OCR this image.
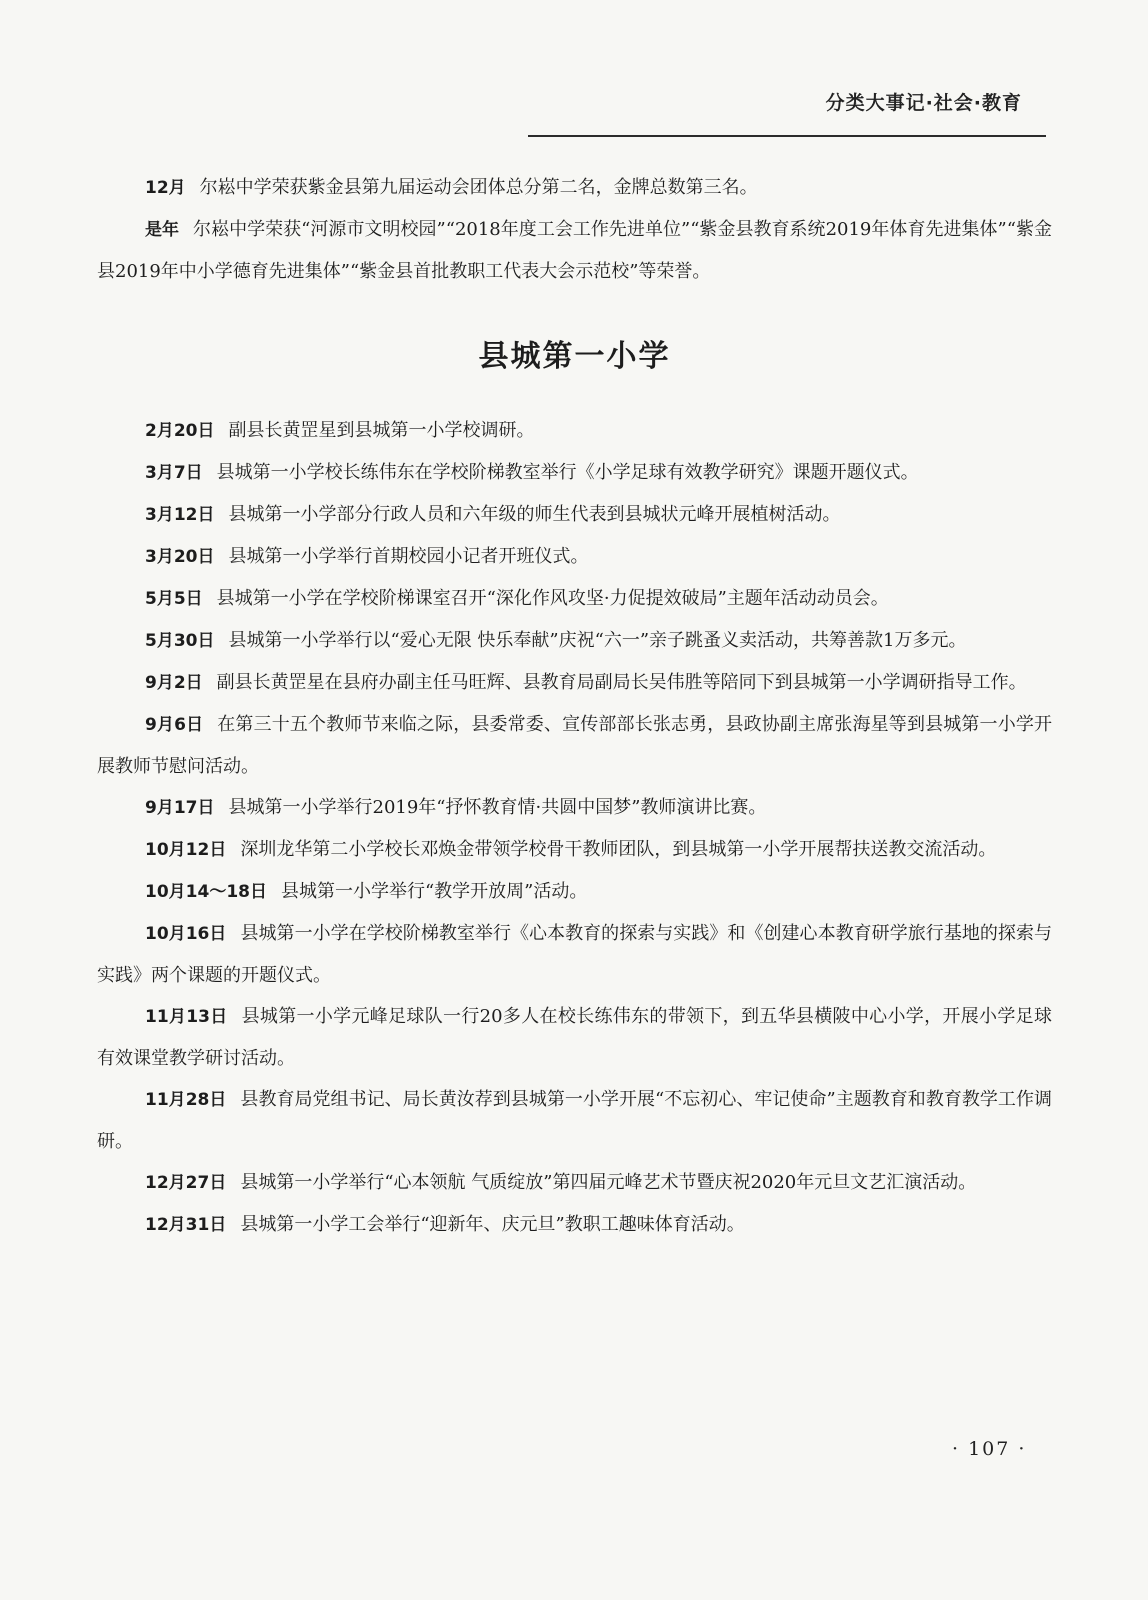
分类大事记·社会·教育

12月 尔崧中学荣获紫金县第九届运动会团体总分第二名，金牌总数第三名。

是年 尔崧中学荣获“河源市文明校园”“2018年度工会工作先进单位”“紫金县教育系统2019年体育先进集体”“紫金县2019年中小学德育先进集体”“紫金县首批教职工代表大会示范校”等荣誉。

县城第一小学

2月20日 副县长黄罡星到县城第一小学校调研。

3月7日 县城第一小学校长练伟东在学校阶梯教室举行《小学足球有效教学研究》课题开题仪式。

3月12日 县城第一小学部分行政人员和六年级的师生代表到县城状元峰开展植树活动。

3月20日 县城第一小学举行首期校园小记者开班仪式。

5月5日 县城第一小学在学校阶梯课室召开“深化作风攻坚·力促提效破局”主题年活动动员会。

5月30日 县城第一小学举行以“爱心无限 快乐奉献”庆祝“六一”亲子跳蚤义卖活动，共筹善款1万多元。

9月2日 副县长黄罡星在县府办副主任马旺辉、县教育局副局长吴伟胜等陪同下到县城第一小学调研指导工作。

9月6日 在第三十五个教师节来临之际，县委常委、宣传部部长张志勇，县政协副主席张海星等到县城第一小学开展教师节慰问活动。

9月17日 县城第一小学举行2019年“抒怀教育情·共圆中国梦”教师演讲比赛。

10月12日 深圳龙华第二小学校长邓焕金带领学校骨干教师团队，到县城第一小学开展帮扶送教交流活动。

10月14～18日 县城第一小学举行“教学开放周”活动。

10月16日 县城第一小学在学校阶梯教室举行《心本教育的探索与实践》和《创建心本教育研学旅行基地的探索与实践》两个课题的开题仪式。

11月13日 县城第一小学元峰足球队一行20多人在校长练伟东的带领下，到五华县横陂中心小学，开展小学足球有效课堂教学研讨活动。

11月28日 县教育局党组书记、局长黄汝荐到县城第一小学开展“不忘初心、牢记使命”主题教育和教育教学工作调研。

12月27日 县城第一小学举行“心本领航 气质绽放”第四届元峰艺术节暨庆祝2020年元旦文艺汇演活动。

12月31日 县城第一小学工会举行“迎新年、庆元旦”教职工趣味体育活动。

· 107 ·
